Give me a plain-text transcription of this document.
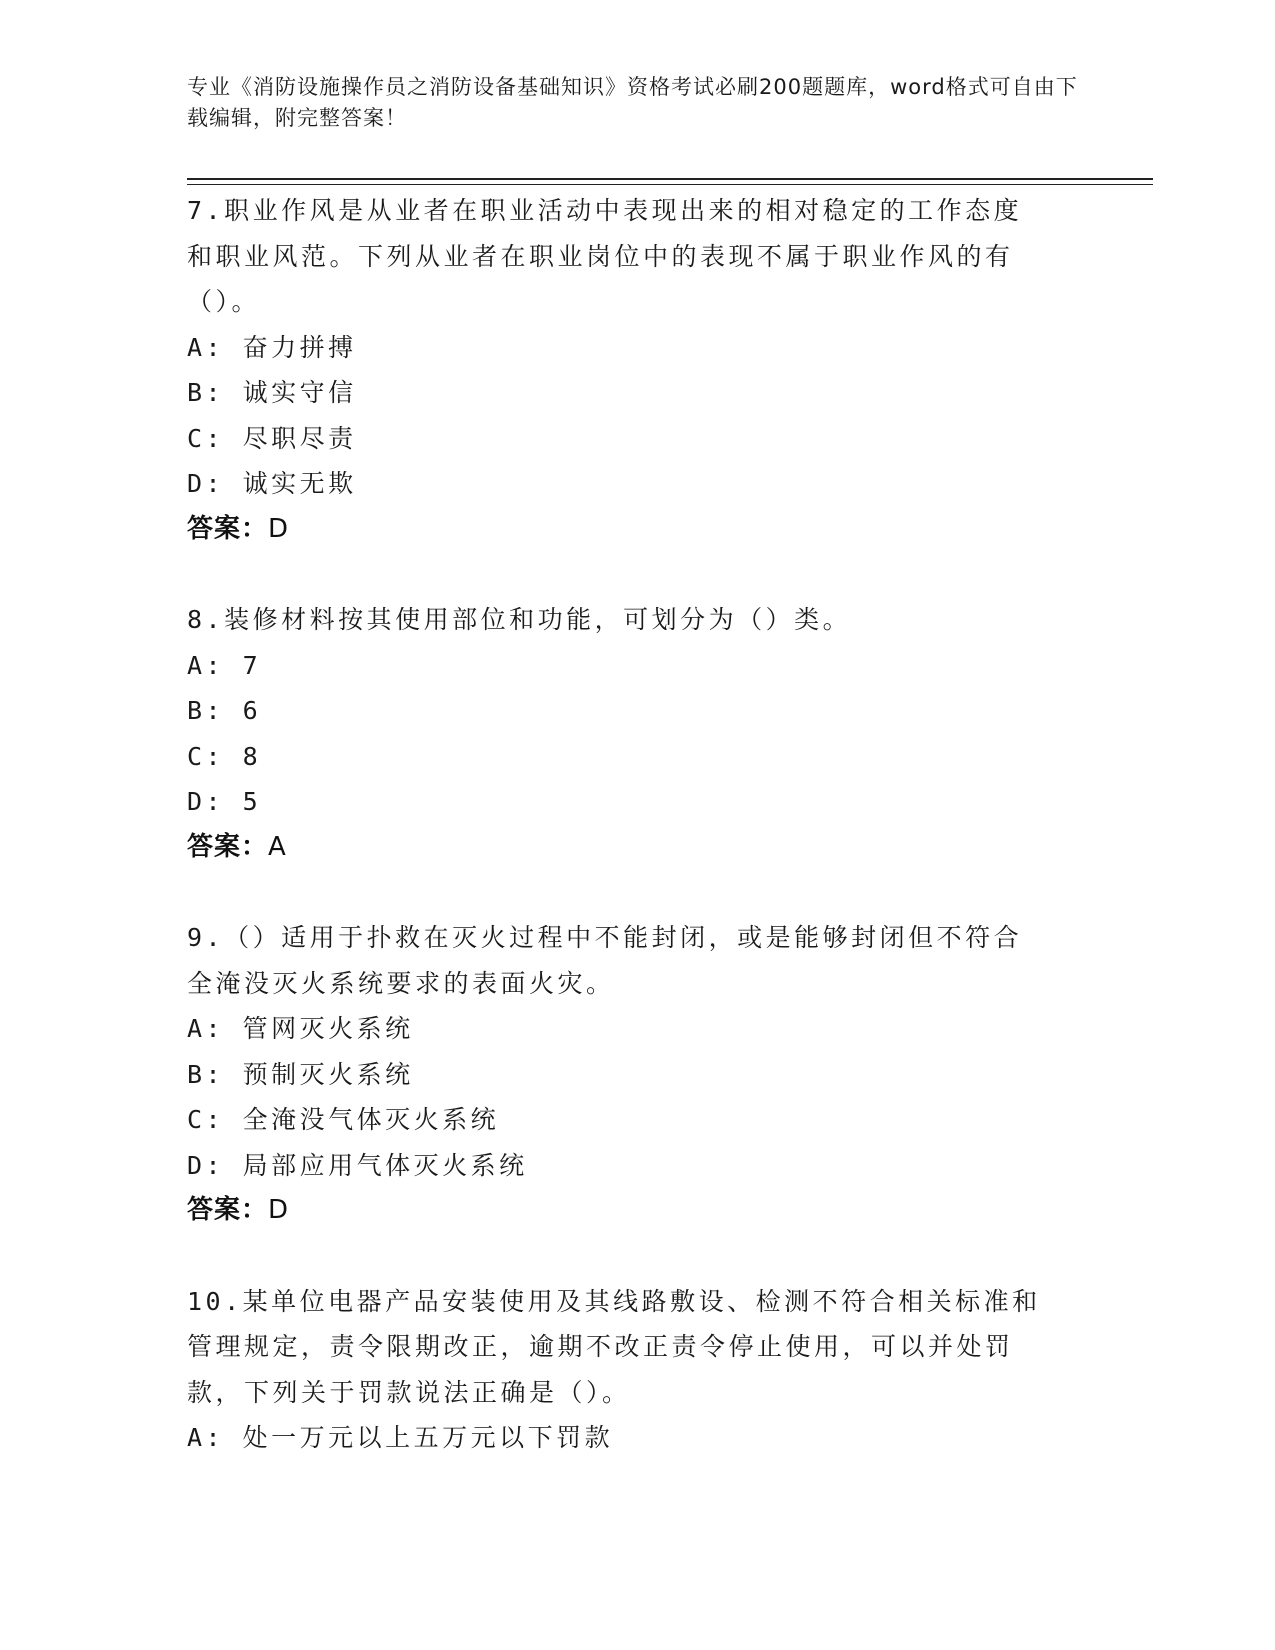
专业《消防设施操作员之消防设备基础知识》资格考试必刷200题题库，word格式可自由下载编辑，附完整答案！
7.职业作风是从业者在职业活动中表现出来的相对稳定的工作态度和职业风范。下列从业者在职业岗位中的表现不属于职业作风的有（）。
A: 奋力拼搏
B: 诚实守信
C: 尽职尽责
D: 诚实无欺
答案：D
8.装修材料按其使用部位和功能，可划分为（）类。
A: 7
B: 6
C: 8
D: 5
答案：A
9.（）适用于扑救在灭火过程中不能封闭，或是能够封闭但不符合全淹没灭火系统要求的表面火灾。
A: 管网灭火系统
B: 预制灭火系统
C: 全淹没气体灭火系统
D: 局部应用气体灭火系统
答案：D
10.某单位电器产品安装使用及其线路敷设、检测不符合相关标准和管理规定，责令限期改正，逾期不改正责令停止使用，可以并处罚款，下列关于罚款说法正确是（）。
A: 处一万元以上五万元以下罚款
